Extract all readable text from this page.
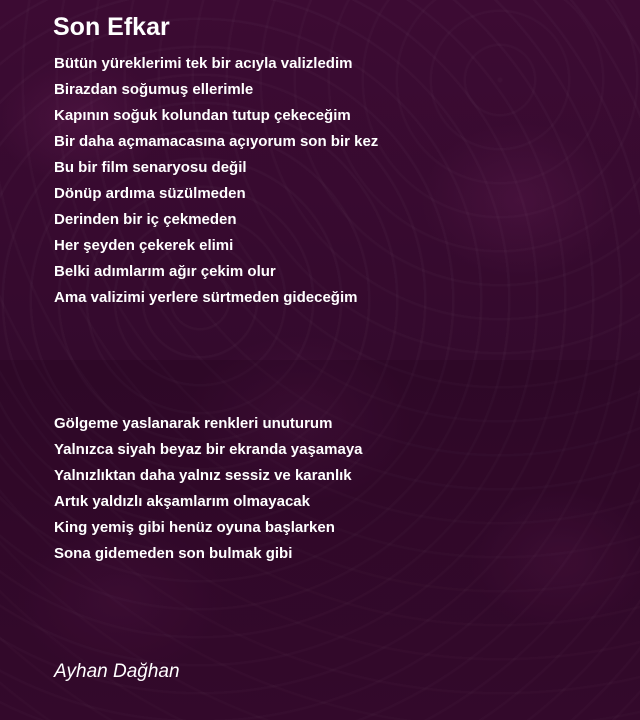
Son Efkar
Bütün yüreklerimi tek bir acıyla valizledim
Birazdan soğumuş ellerimle
Kapının soğuk kolundan tutup çekeceğim
Bir daha açmamacasına açıyorum son bir kez
Bu bir film senaryosu değil
Dönüp ardıma süzülmeden
Derinden bir iç çekmeden
Her şeyden çekerek elimi
Belki adımlarım ağır çekim olur
Ama valizimi yerlere sürtmeden gideceğim
Gölgeme yaslanarak renkleri unuturum
Yalnızca siyah beyaz bir ekranda yaşamaya
Yalnızlıktan daha yalnız sessiz ve karanlık
Artık yaldızlı akşamlarım olmayacak
King yemiş gibi henüz oyuna başlarken
Sona gidemeden son bulmak gibi

Ayhan Dağhan
